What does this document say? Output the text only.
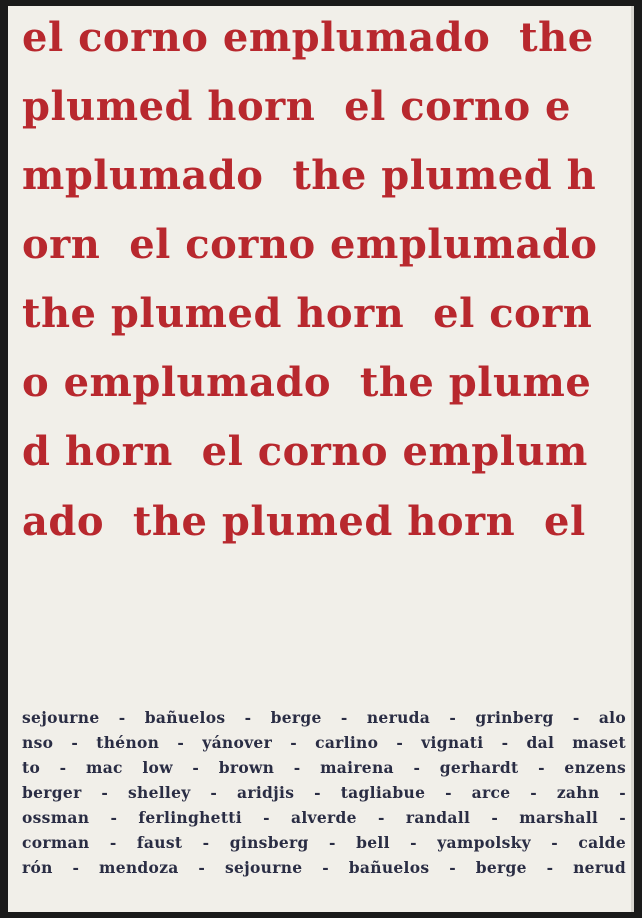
el corno emplumado  the
plumed horn  el corno e
mplumado  the plumed h
orn  el corno emplumado
the plumed horn  el corn
o emplumado  the plume
d horn  el corno emplum
ado  the plumed horn  el
sejourne - bañuelos - berge - neruda - grinberg - alo
nso - thénon - yánover - carlino - vignati - dal maset
to - mac low - brown - mairena - gerhardt - enzens
berger - shelley - aridjis - tagliabue - arce - zahn -
ossman - ferlinghetti - alverde - randall - marshall -
corman - faust - ginsberg - bell - yampolsky - calde
rón - mendoza - sejourne - bañuelos - berge - nerud
